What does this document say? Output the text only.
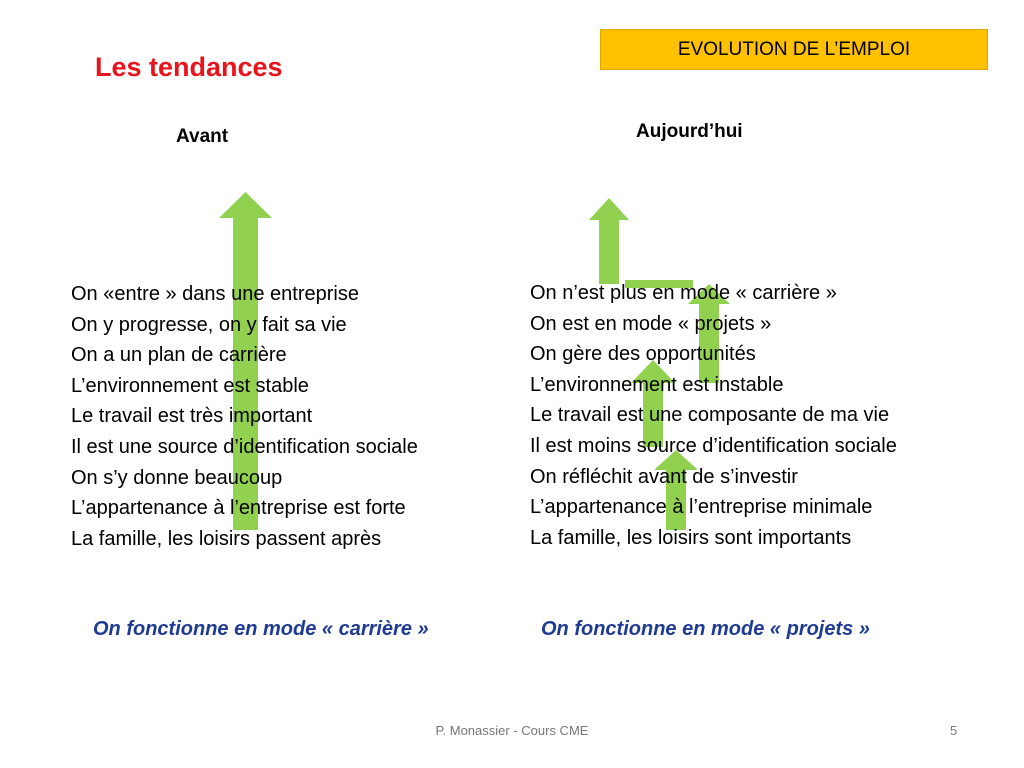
EVOLUTION DE L’EMPLOI
Les tendances
Avant	Aujourd’hui
On «entre » dans une entreprise
On y progresse, on y fait sa vie
On a un plan de carrière
L’environnement est stable
Le travail est très important
Il est une source d’identification sociale
On s’y donne beaucoup
L’appartenance à l’entreprise est forte
La famille, les loisirs passent après
On n’est plus en mode « carrière »
On est en mode « projets »
On gère des opportunités
L’environnement est instable
Le travail est une composante de ma vie
Il est moins source d’identification sociale
On réfléchit avant de s’investir
L’appartenance à l’entreprise minimale
La famille, les loisirs sont importants
On fonctionne en mode « carrière »	On fonctionne en mode « projets »
P. Monassier - Cours CME	5
